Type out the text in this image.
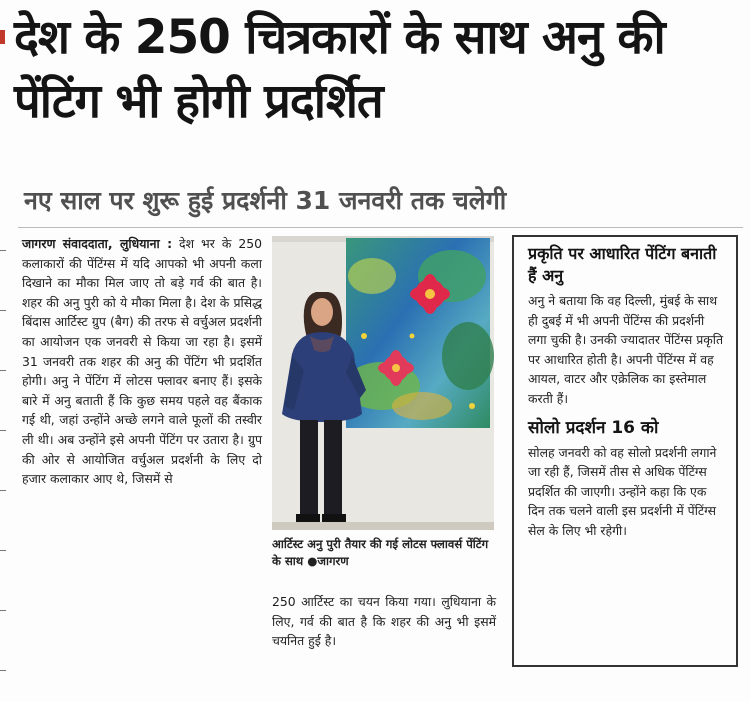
देश के 250 चित्रकारों के साथ अनु की पेंटिंग भी होगी प्रदर्शित
नए साल पर शुरू हुई प्रदर्शनी 31 जनवरी तक चलेगी

जागरण संवाददाता, लुधियाना : देश भर के 250 कलाकारों की पेंटिंग्स में यदि आपको भी अपनी कला दिखाने का मौका मिल जाए तो बड़े गर्व की बात है। शहर की अनु पुरी को ये मौका मिला है। देश के प्रसिद्ध बिंदास आर्टिस्ट ग्रुप (बैग) की तरफ से वर्चुअल प्रदर्शनी का आयोजन एक जनवरी से किया जा रहा है। इसमें 31 जनवरी तक शहर की अनु की पेंटिंग भी प्रदर्शित होगी। अनु ने पेंटिंग में लोटस फ्लावर बनाए हैं। इसके बारे में अनु बताती हैं कि कुछ समय पहले वह बैंकाक गई थी, जहां उन्होंने अच्छे लगने वाले फूलों की तस्वीर ली थी। अब उन्होंने इसे अपनी पेंटिंग पर उतारा है। ग्रुप की ओर से आयोजित वर्चुअल प्रदर्शनी के लिए दो हजार कलाकार आए थे, जिसमें से

आर्टिस्ट अनु पुरी तैयार की गई लोटस फ्लावर्स पेंटिंग के साथ ●जागरण

250 आर्टिस्ट का चयन किया गया। लुधियाना के लिए, गर्व की बात है कि शहर की अनु भी इसमें चयनित हुई है।

प्रकृति पर आधारित पेंटिंग बनाती हैं अनु

अनु ने बताया कि वह दिल्ली, मुंबई के साथ ही दुबई में भी अपनी पेंटिंग्स की प्रदर्शनी लगा चुकी है। उनकी ज्यादातर पेंटिंग्स प्रकृति पर आधारित होती है। अपनी पेंटिंग्स में वह आयल, वाटर और एक्रेलिक का इस्तेमाल करती हैं।

सोलो प्रदर्शन 16 को

सोलह जनवरी को वह सोलो प्रदर्शनी लगाने जा रही हैं, जिसमें तीस से अधिक पेंटिंग्स प्रदर्शित की जाएगी। उन्होंने कहा कि एक दिन तक चलने वाली इस प्रदर्शनी में पेंटिंग्स सेल के लिए भी रहेगी।
